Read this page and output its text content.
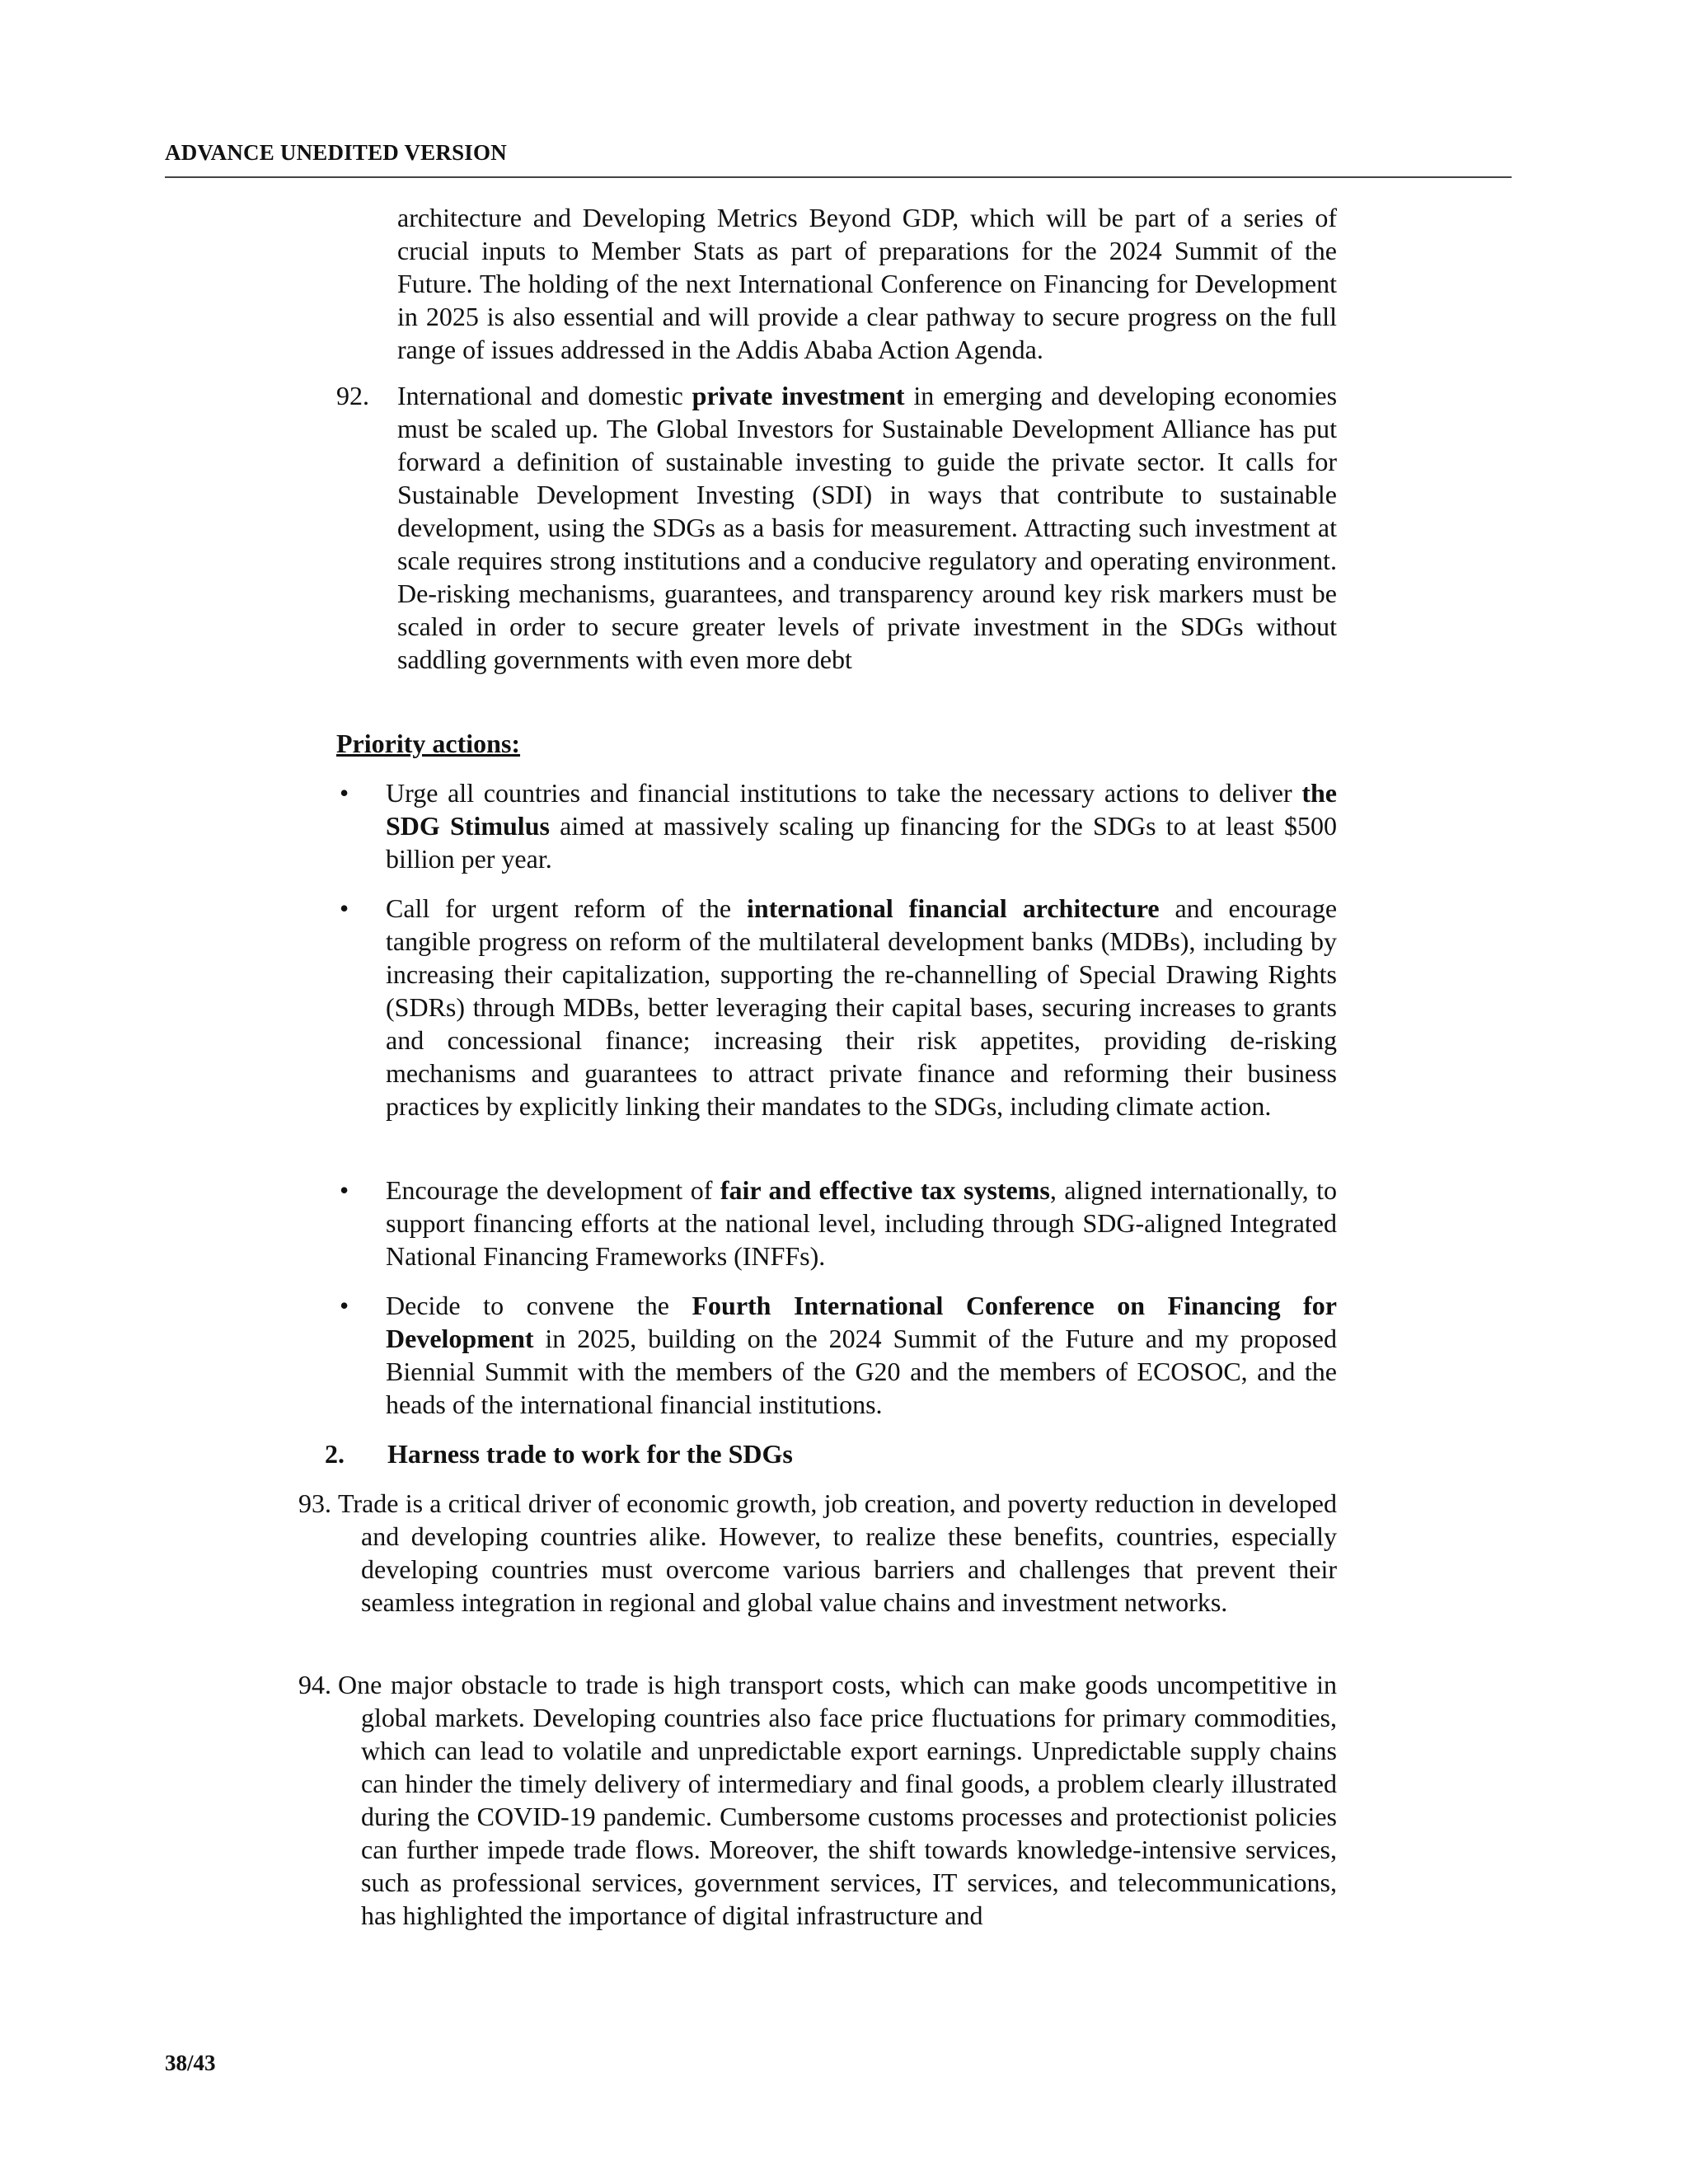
ADVANCE UNEDITED VERSION

architecture and Developing Metrics Beyond GDP, which will be part of a series of crucial inputs to Member Stats as part of preparations for the 2024 Summit of the Future. The holding of the next International Conference on Financing for Development in 2025 is also essential and will provide a clear pathway to secure progress on the full range of issues addressed in the Addis Ababa Action Agenda.

92. International and domestic private investment in emerging and developing economies must be scaled up. The Global Investors for Sustainable Development Alliance has put forward a definition of sustainable investing to guide the private sector. It calls for Sustainable Development Investing (SDI) in ways that contribute to sustainable development, using the SDGs as a basis for measurement. Attracting such investment at scale requires strong institutions and a conducive regulatory and operating environment. De-risking mechanisms, guarantees, and transparency around key risk markers must be scaled in order to secure greater levels of private investment in the SDGs without saddling governments with even more debt

Priority actions:
• Urge all countries and financial institutions to take the necessary actions to deliver the SDG Stimulus aimed at massively scaling up financing for the SDGs to at least $500 billion per year.

• Call for urgent reform of the international financial architecture and encourage tangible progress on reform of the multilateral development banks (MDBs), including by increasing their capitalization, supporting the re-channelling of Special Drawing Rights (SDRs) through MDBs, better leveraging their capital bases, securing increases to grants and concessional finance; increasing their risk appetites, providing de-risking mechanisms and guarantees to attract private finance and reforming their business practices by explicitly linking their mandates to the SDGs, including climate action.

• Encourage the development of fair and effective tax systems, aligned internationally, to support financing efforts at the national level, including through SDG-aligned Integrated National Financing Frameworks (INFFs).

• Decide to convene the Fourth International Conference on Financing for Development in 2025, building on the 2024 Summit of the Future and my proposed Biennial Summit with the members of the G20 and the members of ECOSOC, and the heads of the international financial institutions.

2. Harness trade to work for the SDGs
93. Trade is a critical driver of economic growth, job creation, and poverty reduction in developed and developing countries alike. However, to realize these benefits, countries, especially developing countries must overcome various barriers and challenges that prevent their seamless integration in regional and global value chains and investment networks.

94. One major obstacle to trade is high transport costs, which can make goods uncompetitive in global markets. Developing countries also face price fluctuations for primary commodities, which can lead to volatile and unpredictable export earnings. Unpredictable supply chains can hinder the timely delivery of intermediary and final goods, a problem clearly illustrated during the COVID-19 pandemic. Cumbersome customs processes and protectionist policies can further impede trade flows. Moreover, the shift towards knowledge-intensive services, such as professional services, government services, IT services, and telecommunications, has highlighted the importance of digital infrastructure and

38/43
